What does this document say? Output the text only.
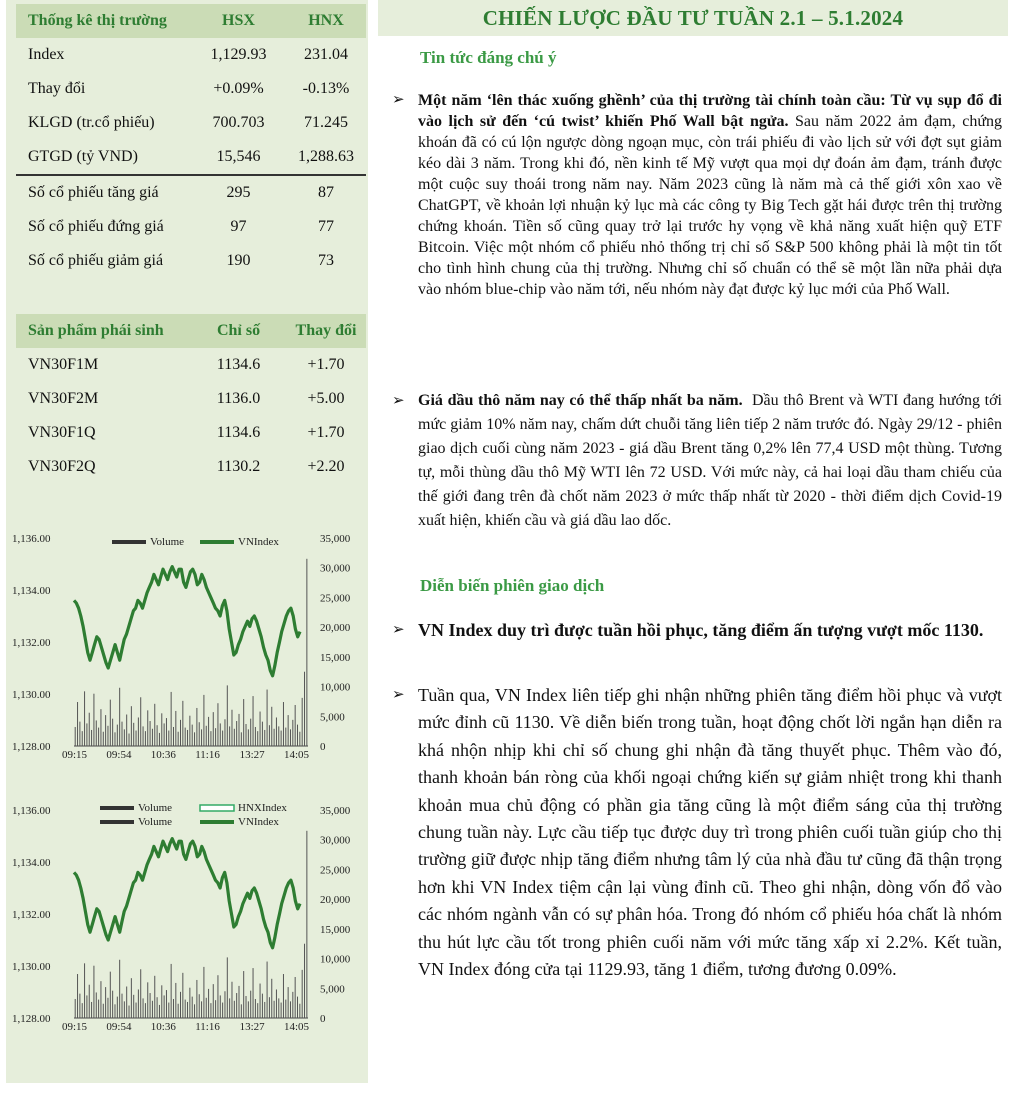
Thống kê thị trường	HSX	HNX
Index	1,129.93	231.04
Thay đổi	+0.09%	-0.13%
KLGD (tr.cổ phiếu)	700.703	71.245
GTGD (tỷ VND)	15,546	1,288.63
Số cổ phiếu tăng giá	295	87
Số cổ phiếu đứng giá	97	77
Số cổ phiếu giảm giá	190	73
Sản phẩm phái sinh	Chỉ số	Thay đổi
VN30F1M	1134.6	+1.70
VN30F2M	1136.0	+5.00
VN30F1Q	1134.6	+1.70
VN30F2Q	1130.2	+2.20
1,136.00
1,134.00
1,132.00
1,130.00
1,128.00
35,000
30,000
25,000
20,000
15,000
10,000
5,000
0
09:15 09:54 10:36 11:16 13:27 14:05
Volume	VNIndex
1,136.00
1,134.00
1,132.00
1,130.00
1,128.00
35,000
30,000
25,000
20,000
15,000
10,000
5,000
0
09:15 09:54 10:36 11:16 13:27 14:05
Volume
Volume
HNXIndex
VNIndex
CHIẾN LƯỢC ĐẦU TƯ TUẦN 2.1 – 5.1.2024
Tin tức đáng chú ý
➢ Một năm ‘lên thác xuống ghềnh’ của thị trường tài chính toàn cầu: Từ vụ sụp đổ đi vào lịch sử đến ‘cú twist’ khiến Phố Wall bật ngửa. Sau năm 2022 ảm đạm, chứng khoán đã có cú lộn ngược dòng ngoạn mục, còn trái phiếu đi vào lịch sử với đợt sụt giảm kéo dài 3 năm. Trong khi đó, nền kinh tế Mỹ vượt qua mọi dự đoán ảm đạm, tránh được một cuộc suy thoái trong năm nay. Năm 2023 cũng là năm mà cả thế giới xôn xao về ChatGPT, về khoản lợi nhuận kỷ lục mà các công ty Big Tech gặt hái được trên thị trường chứng khoán. Tiền số cũng quay trở lại trước hy vọng về khả năng xuất hiện quỹ ETF Bitcoin. Việc một nhóm cổ phiếu nhỏ thống trị chỉ số S&P 500 không phải là một tin tốt cho tình hình chung của thị trường. Nhưng chỉ số chuẩn có thể sẽ một lần nữa phải dựa vào nhóm blue-chip vào năm tới, nếu nhóm này đạt được kỷ lục mới của Phố Wall.
➢ Giá dầu thô năm nay có thể thấp nhất ba năm. Dầu thô Brent và WTI đang hướng tới mức giảm 10% năm nay, chấm dứt chuỗi tăng liên tiếp 2 năm trước đó. Ngày 29/12 - phiên giao dịch cuối cùng năm 2023 - giá dầu Brent tăng 0,2% lên 77,4 USD một thùng. Tương tự, mỗi thùng dầu thô Mỹ WTI lên 72 USD. Với mức này, cả hai loại dầu tham chiếu của thế giới đang trên đà chốt năm 2023 ở mức thấp nhất từ 2020 - thời điểm dịch Covid-19 xuất hiện, khiến cầu và giá dầu lao dốc.
Diễn biến phiên giao dịch
➢ VN Index duy trì được tuần hồi phục, tăng điểm ấn tượng vượt mốc 1130.
➢ Tuần qua, VN Index liên tiếp ghi nhận những phiên tăng điểm hồi phục và vượt mức đỉnh cũ 1130. Về diễn biến trong tuần, hoạt động chốt lời ngắn hạn diễn ra khá nhộn nhịp khi chỉ số chung ghi nhận đà tăng thuyết phục. Thêm vào đó, thanh khoản bán ròng của khối ngoại chứng kiến sự giảm nhiệt trong khi thanh khoản mua chủ động có phần gia tăng cũng là một điểm sáng của thị trường chung tuần này. Lực cầu tiếp tục được duy trì trong phiên cuối tuần giúp cho thị trường giữ được nhịp tăng điểm nhưng tâm lý của nhà đầu tư cũng đã thận trọng hơn khi VN Index tiệm cận lại vùng đỉnh cũ. Theo ghi nhận, dòng vốn đổ vào các nhóm ngành vẫn có sự phân hóa. Trong đó nhóm cổ phiếu hóa chất là nhóm thu hút lực cầu tốt trong phiên cuối năm với mức tăng xấp xỉ 2.2%. Kết tuần, VN Index đóng cửa tại 1129.93, tăng 1 điểm, tương đương 0.09%.
